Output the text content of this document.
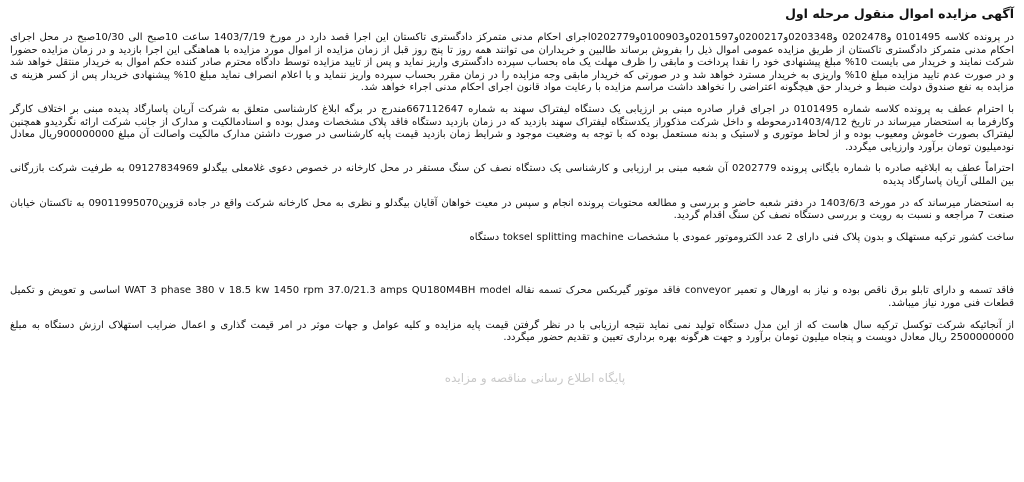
آگهی مزایده اموال منقول مرحله اول
در پرونده کلاسه 0101495 و0202478 و0203348و0200217و0201597و0100903و0202779اجرای احکام مدنی متمرکز دادگستری تاکستان این اجرا قصد دارد در مورخ 1403/7/19 ساعت 10صبح الی 10/30صبح در محل اجرای احکام مدنی متمرکز دادگستری تاکستان از طریق مزایده عمومی اموال ذیل را بفروش برساند طالبین و خریداران می توانند همه روز تا پنج روز قبل از زمان مزایده از اموال مورد مزایده با هماهنگی این اجرا بازدید و در زمان مزایده حضورا شرکت نمایند و خریدار می بایست 10% مبلغ پیشنهادی خود را نقدا پرداخت و مابقی را ظرف مهلت یک ماه بحساب سپرده دادگستری واریز نماید و پس از تایید مزایده توسط دادگاه محترم صادر کننده حکم اموال به خریدار منتقل خواهد شد و در صورت عدم تایید مزایده مبلغ 10% واریزی به خریدار مسترد خواهد شد و در صورتی که خریدار مابقی وجه مزایده را در زمان مقرر بحساب سپرده واریز ننماید و یا اعلام انصراف نماید مبلغ 10% پیشنهادی خریدار پس از کسر هزینه ی مزایده به نفع صندوق دولت ضبط و خریدار حق هیچگونه اعتراضی را نخواهد داشت مراسم مزایده با رعایت مواد قانون اجرای احکام مدنی اجراء خواهد شد.
با احترام عطف به پرونده کلاسه شماره 0101495 در اجرای قرار صادره مبنی بر ارزیابی یک دستگاه لیفتراک سهند به شماره 667112647مندرج در برگه ابلاغ کارشناسی متعلق به شرکت آریان پاسارگاد پدیده مبنی بر اختلاف کارگر وکارفرما به استحضار میرساند در تاریخ 1403/4/12درمحوطه و داخل شرکت مذکوراز یکدستگاه لیفتراک سهند بازدید که در زمان بازدید دستگاه فاقد پلاک مشخصات ومدل بوده و اسنادمالکیت و مدارک از جانب شرکت ارائه نگردیدو همچنین لیفتراک بصورت خاموش ومعیوب بوده و از لحاظ موتوری و لاستیک و بدنه مستعمل بوده که با توجه به وضعیت موجود و شرایط زمان بازدید قیمت پایه کارشناسی در صورت داشتن مدارک مالکیت واصالت آن مبلغ 900000000ریال معادل نودمیلیون تومان برآورد وارزیابی میگردد.
احتراماً عطف به ابلاغیه صادره با شماره بایگانی پرونده 0202779 آن شعبه مبنی بر ارزیابی و کارشناسی یک دستگاه نصف کن سنگ مستقر در محل کارخانه در خصوص دعوی غلامعلی بیگدلو 09127834969 به طرفیت شرکت بازرگانی بین المللی آریان پاسارگاد پدیده
به استحضار میرساند که در مورخه 1403/6/3 در دفتر شعبه حاضر و بررسی و مطالعه محتویات پرونده انجام و سپس در معیت خواهان آقایان بیگدلو و نظری به محل کارخانه شرکت واقع در جاده قزوین09011995070 به تاکستان خیابان صنعت 7 مراجعه و نسبت به رویت و بررسی دستگاه نصف کن سنگ اقدام گردید.
ساخت کشور ترکیه مستهلک و بدون پلاک فنی دارای 2 عدد الکتروموتور عمودی با مشخصات toksel splitting machine دستگاه
فاقد تسمه و دارای تابلو برق ناقص بوده و نیاز به اورهال و تعمیر conveyor فاقد موتور گیربکس محرک تسمه نقاله WAT 3 phase 380 v 18.5 kw 1450 rpm 37.0/21.3 amps QU180M4BH model اساسی و تعویض و تکمیل قطعات فنی مورد نیاز میباشد.
از آنجائیکه شرکت توکسل ترکیه سال هاست که از این مدل دستگاه تولید نمی نماید نتیجه ارزیابی با در نظر گرفتن قیمت پایه مزایده و کلیه عوامل و جهات موثر در امر قیمت گذاری و اعمال ضرایب استهلاک ارزش دستگاه به مبلغ 2500000000 ریال معادل دویست و پنجاه میلیون تومان برآورد و جهت هرگونه بهره برداری تعیین و تقدیم حضور میگردد.
پایگاه اطلاع رسانی مناقصه و مزایده
